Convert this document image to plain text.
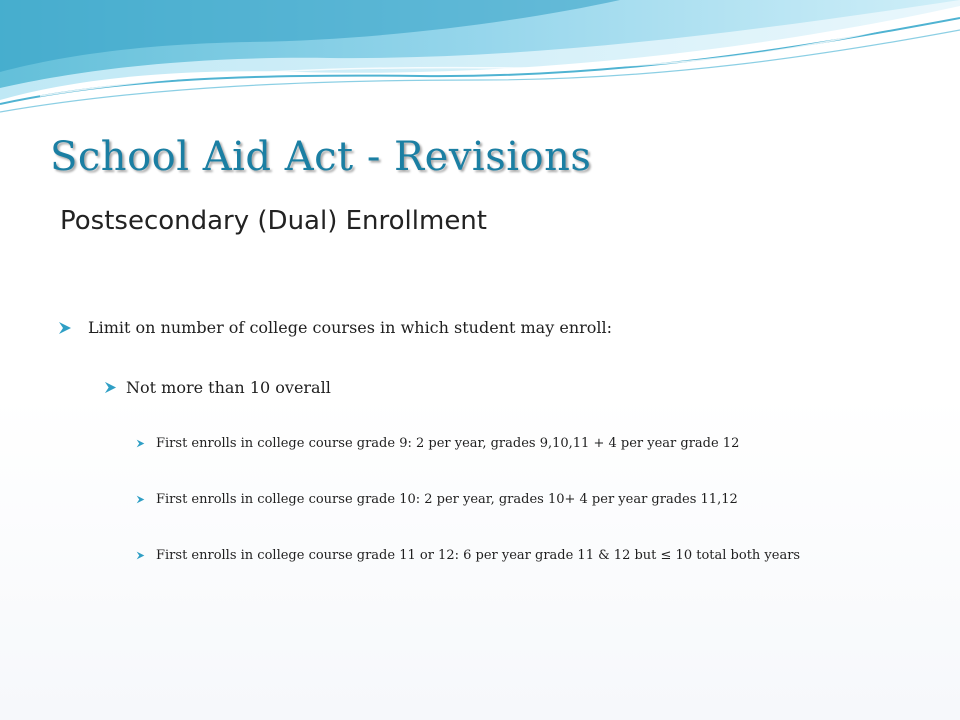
School Aid Act - Revisions
Postsecondary (Dual) Enrollment
Limit on number of college courses in which student may enroll:
Not more than 10 overall
First enrolls in college course grade 9: 2 per year, grades 9,10,11 + 4 per year grade 12
First enrolls in college course grade 10: 2 per year, grades 10+ 4 per year grades 11,12
First enrolls in college course grade 11 or 12: 6 per year grade 11 & 12 but ≤ 10 total both years
